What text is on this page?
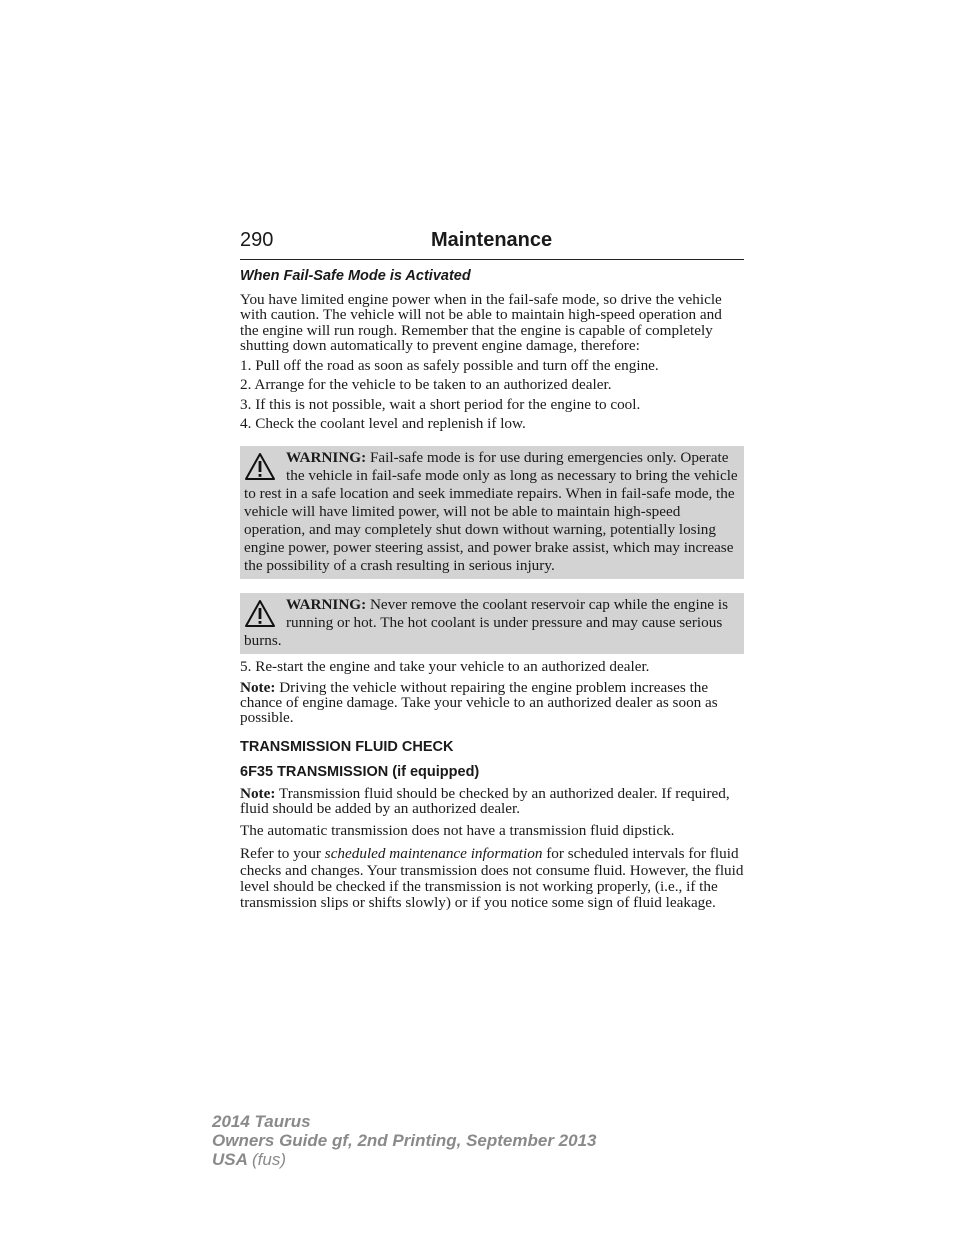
290	Maintenance
When Fail-Safe Mode is Activated

You have limited engine power when in the fail-safe mode, so drive the vehicle with caution. The vehicle will not be able to maintain high-speed operation and the engine will run rough. Remember that the engine is capable of completely shutting down automatically to prevent engine damage, therefore:

1. Pull off the road as soon as safely possible and turn off the engine.

2. Arrange for the vehicle to be taken to an authorized dealer.

3. If this is not possible, wait a short period for the engine to cool.

4. Check the coolant level and replenish if low.

WARNING: Fail-safe mode is for use during emergencies only. Operate the vehicle in fail-safe mode only as long as necessary to bring the vehicle to rest in a safe location and seek immediate repairs. When in fail-safe mode, the vehicle will have limited power, will not be able to maintain high-speed operation, and may completely shut down without warning, potentially losing engine power, power steering assist, and power brake assist, which may increase the possibility of a crash resulting in serious injury.
WARNING: Never remove the coolant reservoir cap while the engine is running or hot. The hot coolant is under pressure and may cause serious burns.

5. Re-start the engine and take your vehicle to an authorized dealer.

Note: Driving the vehicle without repairing the engine problem increases the chance of engine damage. Take your vehicle to an authorized dealer as soon as possible.

TRANSMISSION FLUID CHECK
6F35 TRANSMISSION (if equipped)

Note: Transmission fluid should be checked by an authorized dealer. If required, fluid should be added by an authorized dealer.

The automatic transmission does not have a transmission fluid dipstick.

Refer to your scheduled maintenance information for scheduled intervals for fluid checks and changes. Your transmission does not consume fluid. However, the fluid level should be checked if the transmission is not working properly, (i.e., if the transmission slips or shifts slowly) or if you notice some sign of fluid leakage.

2014 Taurus
Owners Guide gf, 2nd Printing, September 2013
USA (fus)
